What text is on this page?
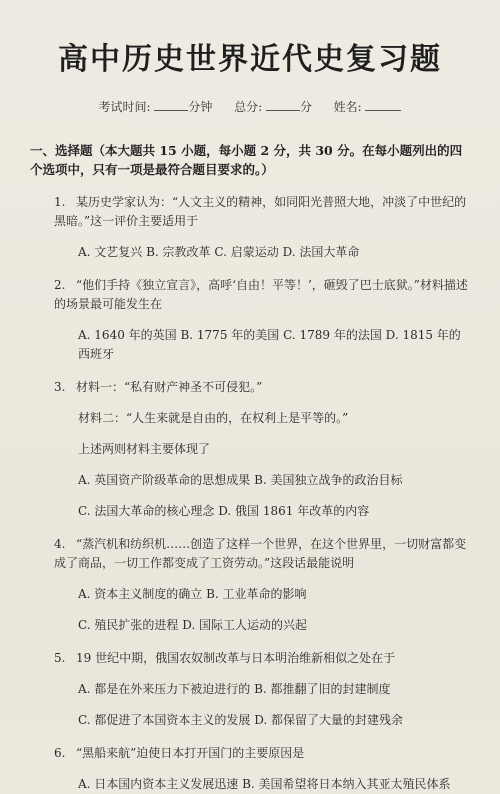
高中历史世界近代史复习题
考试时间:	分钟 总分:	分 姓名:
一、选择题（本大题共 15 小题，每小题 2 分，共 30 分。在每小题列出的四个选项中，只有一项是最符合题目要求的。）
1. 某历史学家认为：“人文主义的精神，如同阳光普照大地，冲淡了中世纪的黑暗。”这一评价主要适用于
A. 文艺复兴 B. 宗教改革 C. 启蒙运动 D. 法国大革命
2. “他们手持《独立宣言》，高呼‘自由！平等！’，砸毁了巴士底狱。”材料描述的场景最可能发生在
A. 1640 年的英国 B. 1775 年的美国 C. 1789 年的法国 D. 1815 年的西班牙
3. 材料一：“私有财产神圣不可侵犯。”
材料二：“人生来就是自由的，在权利上是平等的。”
上述两则材料主要体现了
A. 英国资产阶级革命的思想成果 B. 美国独立战争的政治目标
C. 法国大革命的核心理念 D. 俄国 1861 年改革的内容
4. “蒸汽机和纺织机……创造了这样一个世界，在这个世界里，一切财富都变成了商品，一切工作都变成了工资劳动。”这段话最能说明
A. 资本主义制度的确立 B. 工业革命的影响
C. 殖民扩张的进程 D. 国际工人运动的兴起
5. 19 世纪中期，俄国农奴制改革与日本明治维新相似之处在于
A. 都是在外来压力下被迫进行的 B. 都推翻了旧的封建制度
C. 都促进了本国资本主义的发展 D. 都保留了大量的封建残余
6. “黑船来航”迫使日本打开国门的主要原因是
A. 日本国内资本主义发展迅速 B. 美国希望将日本纳入其亚太殖民体系
